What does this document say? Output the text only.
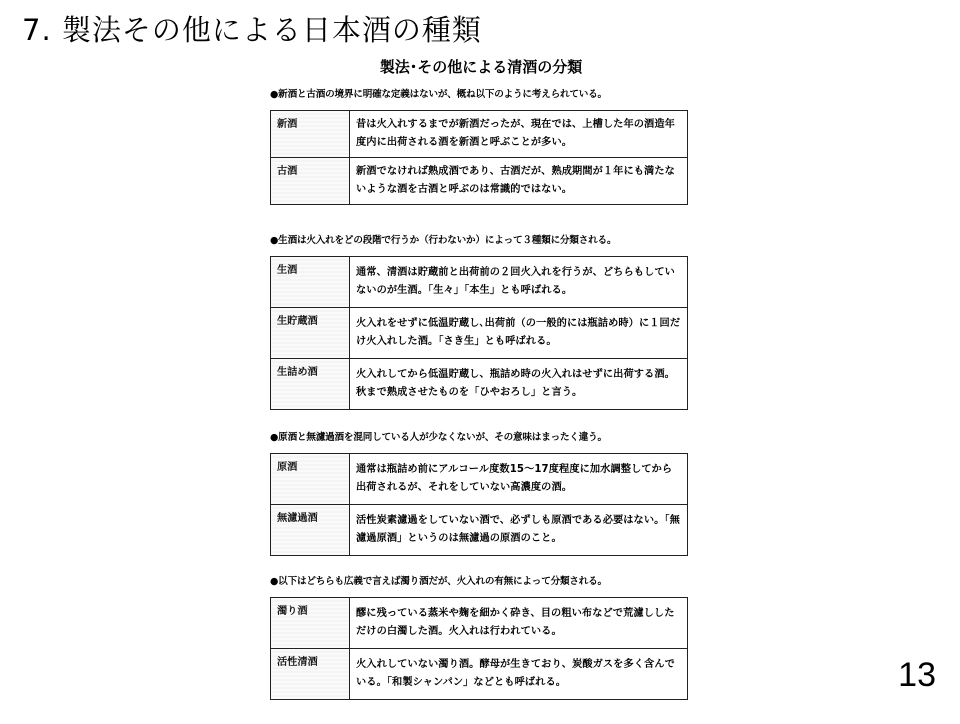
7. 製法その他による日本酒の種類
製法･その他による清酒の分類
●新酒と古酒の境界に明確な定義はないが、概ね以下のように考えられている。
新酒	昔は火入れするまでが新酒だったが、現在では、上槽した年の酒造年度内に出荷される酒を新酒と呼ぶことが多い。
古酒	新酒でなければ熟成酒であり、古酒だが、熟成期間が１年にも満たないような酒を古酒と呼ぶのは常識的ではない。
●生酒は火入れをどの段階で行うか（行わないか）によって３種類に分類される。
生酒	通常、清酒は貯蔵前と出荷前の２回火入れを行うが、どちらもしていないのが生酒。「生々」「本生」とも呼ばれる。
生貯蔵酒	火入れをせずに低温貯蔵し､出荷前（の一般的には瓶詰め時）に１回だけ火入れした酒。「さき生」とも呼ばれる。
生詰め酒	火入れしてから低温貯蔵し、瓶詰め時の火入れはせずに出荷する酒。秋まで熟成させたものを「ひやおろし」と言う。
●原酒と無濾過酒を混同している人が少なくないが、その意味はまったく違う。
原酒	通常は瓶詰め前にアルコール度数15～17度程度に加水調整してから出荷されるが、それをしていない高濃度の酒。
無濾過酒	活性炭素濾過をしていない酒で、必ずしも原酒である必要はない。「無濾過原酒」というのは無濾過の原酒のこと。
●以下はどちらも広義で言えば濁り酒だが、火入れの有無によって分類される。
濁り酒	醪に残っている蒸米や麹を細かく砕き、目の粗い布などで荒濾ししただけの白濁した酒。火入れは行われている。
活性清酒	火入れしていない濁り酒。酵母が生きており、炭酸ガスを多く含んでいる。「和製シャンパン」などとも呼ばれる。	13
